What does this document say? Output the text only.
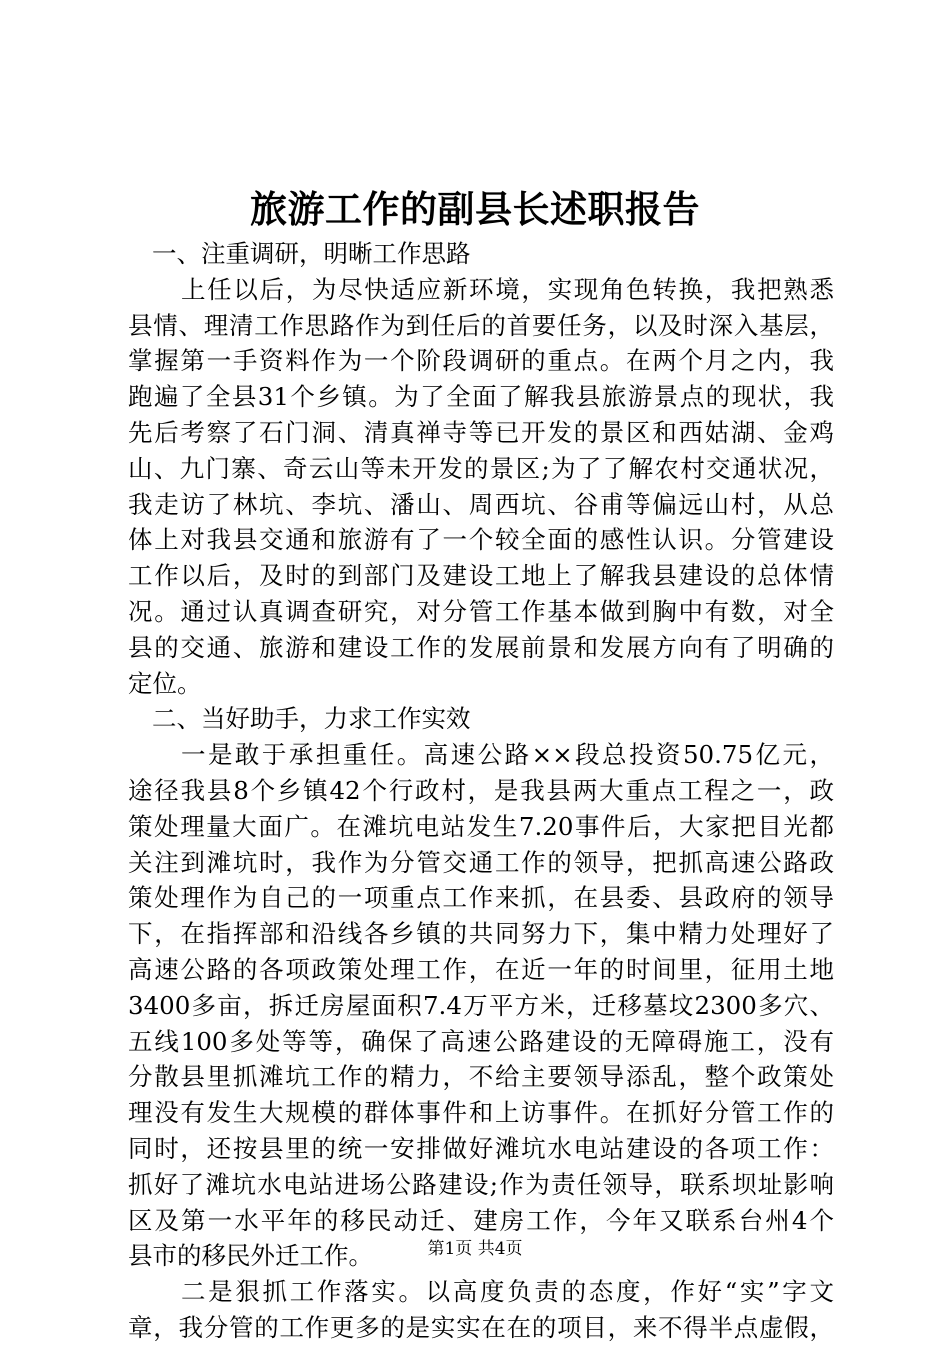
旅游工作的副县长述职报告
一、注重调研，明晰工作思路
上任以后，为尽快适应新环境，实现角色转换，我把熟悉
县情、理清工作思路作为到任后的首要任务，以及时深入基层，
掌握第一手资料作为一个阶段调研的重点。在两个月之内，我
跑遍了全县31个乡镇。为了全面了解我县旅游景点的现状，我
先后考察了石门洞、清真禅寺等已开发的景区和西姑湖、金鸡
山、九门寨、奇云山等未开发的景区;为了了解农村交通状况，
我走访了林坑、李坑、潘山、周西坑、谷甫等偏远山村，从总
体上对我县交通和旅游有了一个较全面的感性认识。分管建设
工作以后，及时的到部门及建设工地上了解我县建设的总体情
况。通过认真调查研究，对分管工作基本做到胸中有数，对全
县的交通、旅游和建设工作的发展前景和发展方向有了明确的
定位。
二、当好助手，力求工作实效
一是敢于承担重任。高速公路××段总投资50.75亿元，
途径我县8个乡镇42个行政村，是我县两大重点工程之一，政
策处理量大面广。在滩坑电站发生7.20事件后，大家把目光都
关注到滩坑时，我作为分管交通工作的领导，把抓高速公路政
策处理作为自己的一项重点工作来抓，在县委、县政府的领导
下，在指挥部和沿线各乡镇的共同努力下，集中精力处理好了
高速公路的各项政策处理工作，在近一年的时间里，征用土地
3400多亩，拆迁房屋面积7.4万平方米，迁移墓坟2300多穴、
五线100多处等等，确保了高速公路建设的无障碍施工，没有
分散县里抓滩坑工作的精力，不给主要领导添乱，整个政策处
理没有发生大规模的群体事件和上访事件。在抓好分管工作的
同时，还按县里的统一安排做好滩坑水电站建设的各项工作：
抓好了滩坑水电站进场公路建设;作为责任领导，联系坝址影响
区及第一水平年的移民动迁、建房工作，今年又联系台州4个
县市的移民外迁工作。
二是狠抓工作落实。以高度负责的态度，作好“实”字文
章，我分管的工作更多的是实实在在的项目，来不得半点虚假，
第1页 共4页
